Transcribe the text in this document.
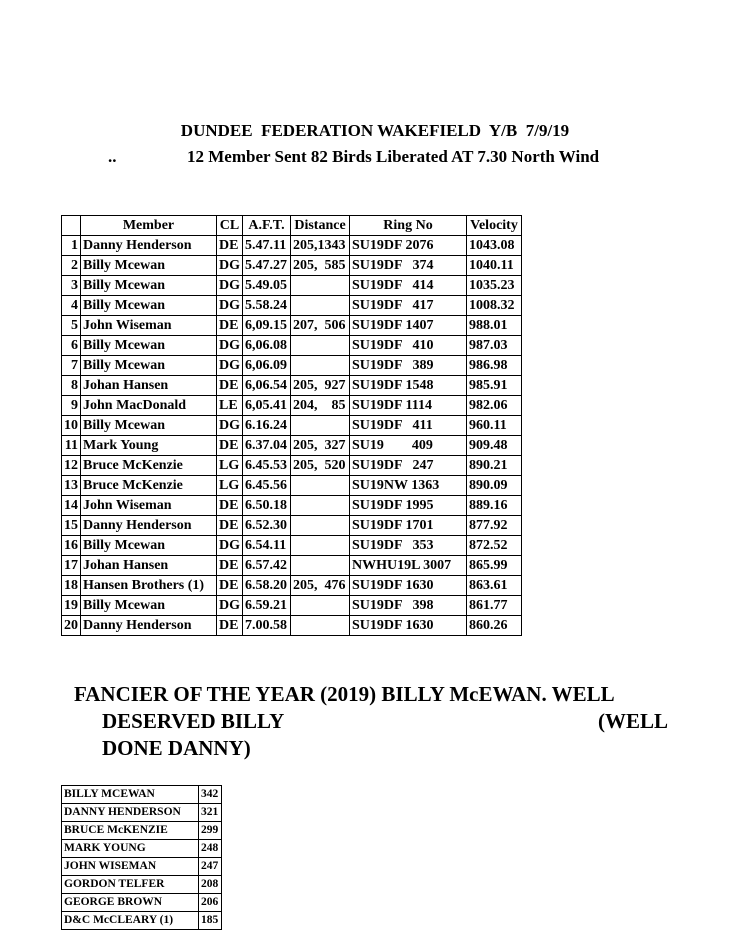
DUNDEE  FEDERATION WAKEFIELD  Y/B  7/9/19
..	12 Member Sent 82 Birds Liberated AT 7.30 North Wind
	Member	CL	A.F.T.	Distance	Ring No	Velocity
1	Danny Henderson	DE	5.47.11	205,1343	SU19DF 2076	1043.08
2	Billy Mcewan	DG	5.47.27	205,  585	SU19DF   374	1040.11
3	Billy Mcewan	DG	5.49.05		SU19DF   414	1035.23
4	Billy Mcewan	DG	5.58.24		SU19DF   417	1008.32
5	John Wiseman	DE	6,09.15	207,  506	SU19DF 1407	988.01
6	Billy Mcewan	DG	6,06.08		SU19DF   410	987.03
7	Billy Mcewan	DG	6,06.09		SU19DF   389	986.98
8	Johan Hansen	DE	6,06.54	205,  927	SU19DF 1548	985.91
9	John MacDonald	LE	6,05.41	204,    85	SU19DF 1114	982.06
10	Billy Mcewan	DG	6.16.24		SU19DF   411	960.11
11	Mark Young	DE	6.37.04	205,  327	SU19        409	909.48
12	Bruce McKenzie	LG	6.45.53	205,  520	SU19DF   247	890.21
13	Bruce McKenzie	LG	6.45.56		SU19NW 1363	890.09
14	John Wiseman	DE	6.50.18		SU19DF 1995	889.16
15	Danny Henderson	DE	6.52.30		SU19DF 1701	877.92
16	Billy Mcewan	DG	6.54.11		SU19DF   353	872.52
17	Johan Hansen	DE	6.57.42		NWHU19L 3007	865.99
18	Hansen Brothers (1)	DE	6.58.20	205,  476	SU19DF 1630	863.61
19	Billy Mcewan	DG	6.59.21		SU19DF   398	861.77
20	Danny Henderson	DE	7.00.58		SU19DF 1630	860.26
FANCIER OF THE YEAR (2019) BILLY McEWAN. WELL
DESERVED BILLY	(WELL
DONE DANNY)
BILLY MCEWAN	342
DANNY HENDERSON	321
BRUCE McKENZIE	299
MARK YOUNG	248
JOHN WISEMAN	247
GORDON TELFER	208
GEORGE BROWN	206
D&C McCLEARY (1)	185
